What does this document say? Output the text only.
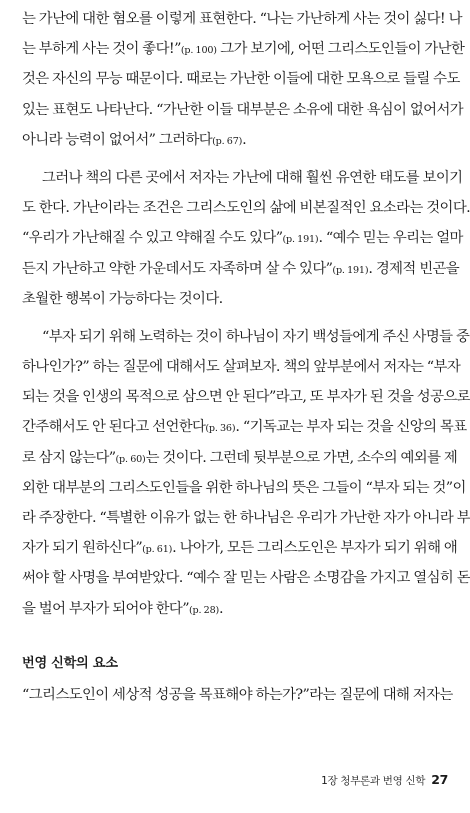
는 가난에 대한 혐오를 이렇게 표현한다. “나는 가난하게 사는 것이 싫다! 나
는 부하게 사는 것이 좋다!”(p. 100) 그가 보기에, 어떤 그리스도인들이 가난한
것은 자신의 무능 때문이다. 때로는 가난한 이들에 대한 모욕으로 들릴 수도
있는 표현도 나타난다. “가난한 이들 대부분은 소유에 대한 욕심이 없어서가
아니라 능력이 없어서” 그러하다(p. 67).
그러나 책의 다른 곳에서 저자는 가난에 대해 훨씬 유연한 태도를 보이기
도 한다. 가난이라는 조건은 그리스도인의 삶에 비본질적인 요소라는 것이다.
“우리가 가난해질 수 있고 약해질 수도 있다”(p. 191). “예수 믿는 우리는 얼마
든지 가난하고 약한 가운데서도 자족하며 살 수 있다”(p. 191). 경제적 빈곤을
초월한 행복이 가능하다는 것이다.
“부자 되기 위해 노력하는 것이 하나님이 자기 백성들에게 주신 사명들 중
하나인가?” 하는 질문에 대해서도 살펴보자. 책의 앞부분에서 저자는 “부자
되는 것을 인생의 목적으로 삼으면 안 된다”라고, 또 부자가 된 것을 성공으로
간주해서도 안 된다고 선언한다(p. 36). “기독교는 부자 되는 것을 신앙의 목표
로 삼지 않는다”(p. 60)는 것이다. 그런데 뒷부분으로 가면, 소수의 예외를 제
외한 대부분의 그리스도인들을 위한 하나님의 뜻은 그들이 “부자 되는 것”이
라 주장한다. “특별한 이유가 없는 한 하나님은 우리가 가난한 자가 아니라 부
자가 되기 원하신다”(p. 61). 나아가, 모든 그리스도인은 부자가 되기 위해 애
써야 할 사명을 부여받았다. “예수 잘 믿는 사람은 소명감을 가지고 열심히 돈
을 벌어 부자가 되어야 한다”(p. 28).
번영 신학의 요소
“그리스도인이 세상적 성공을 목표해야 하는가?”라는 질문에 대해 저자는
1장 청부론과 번영 신학 27
